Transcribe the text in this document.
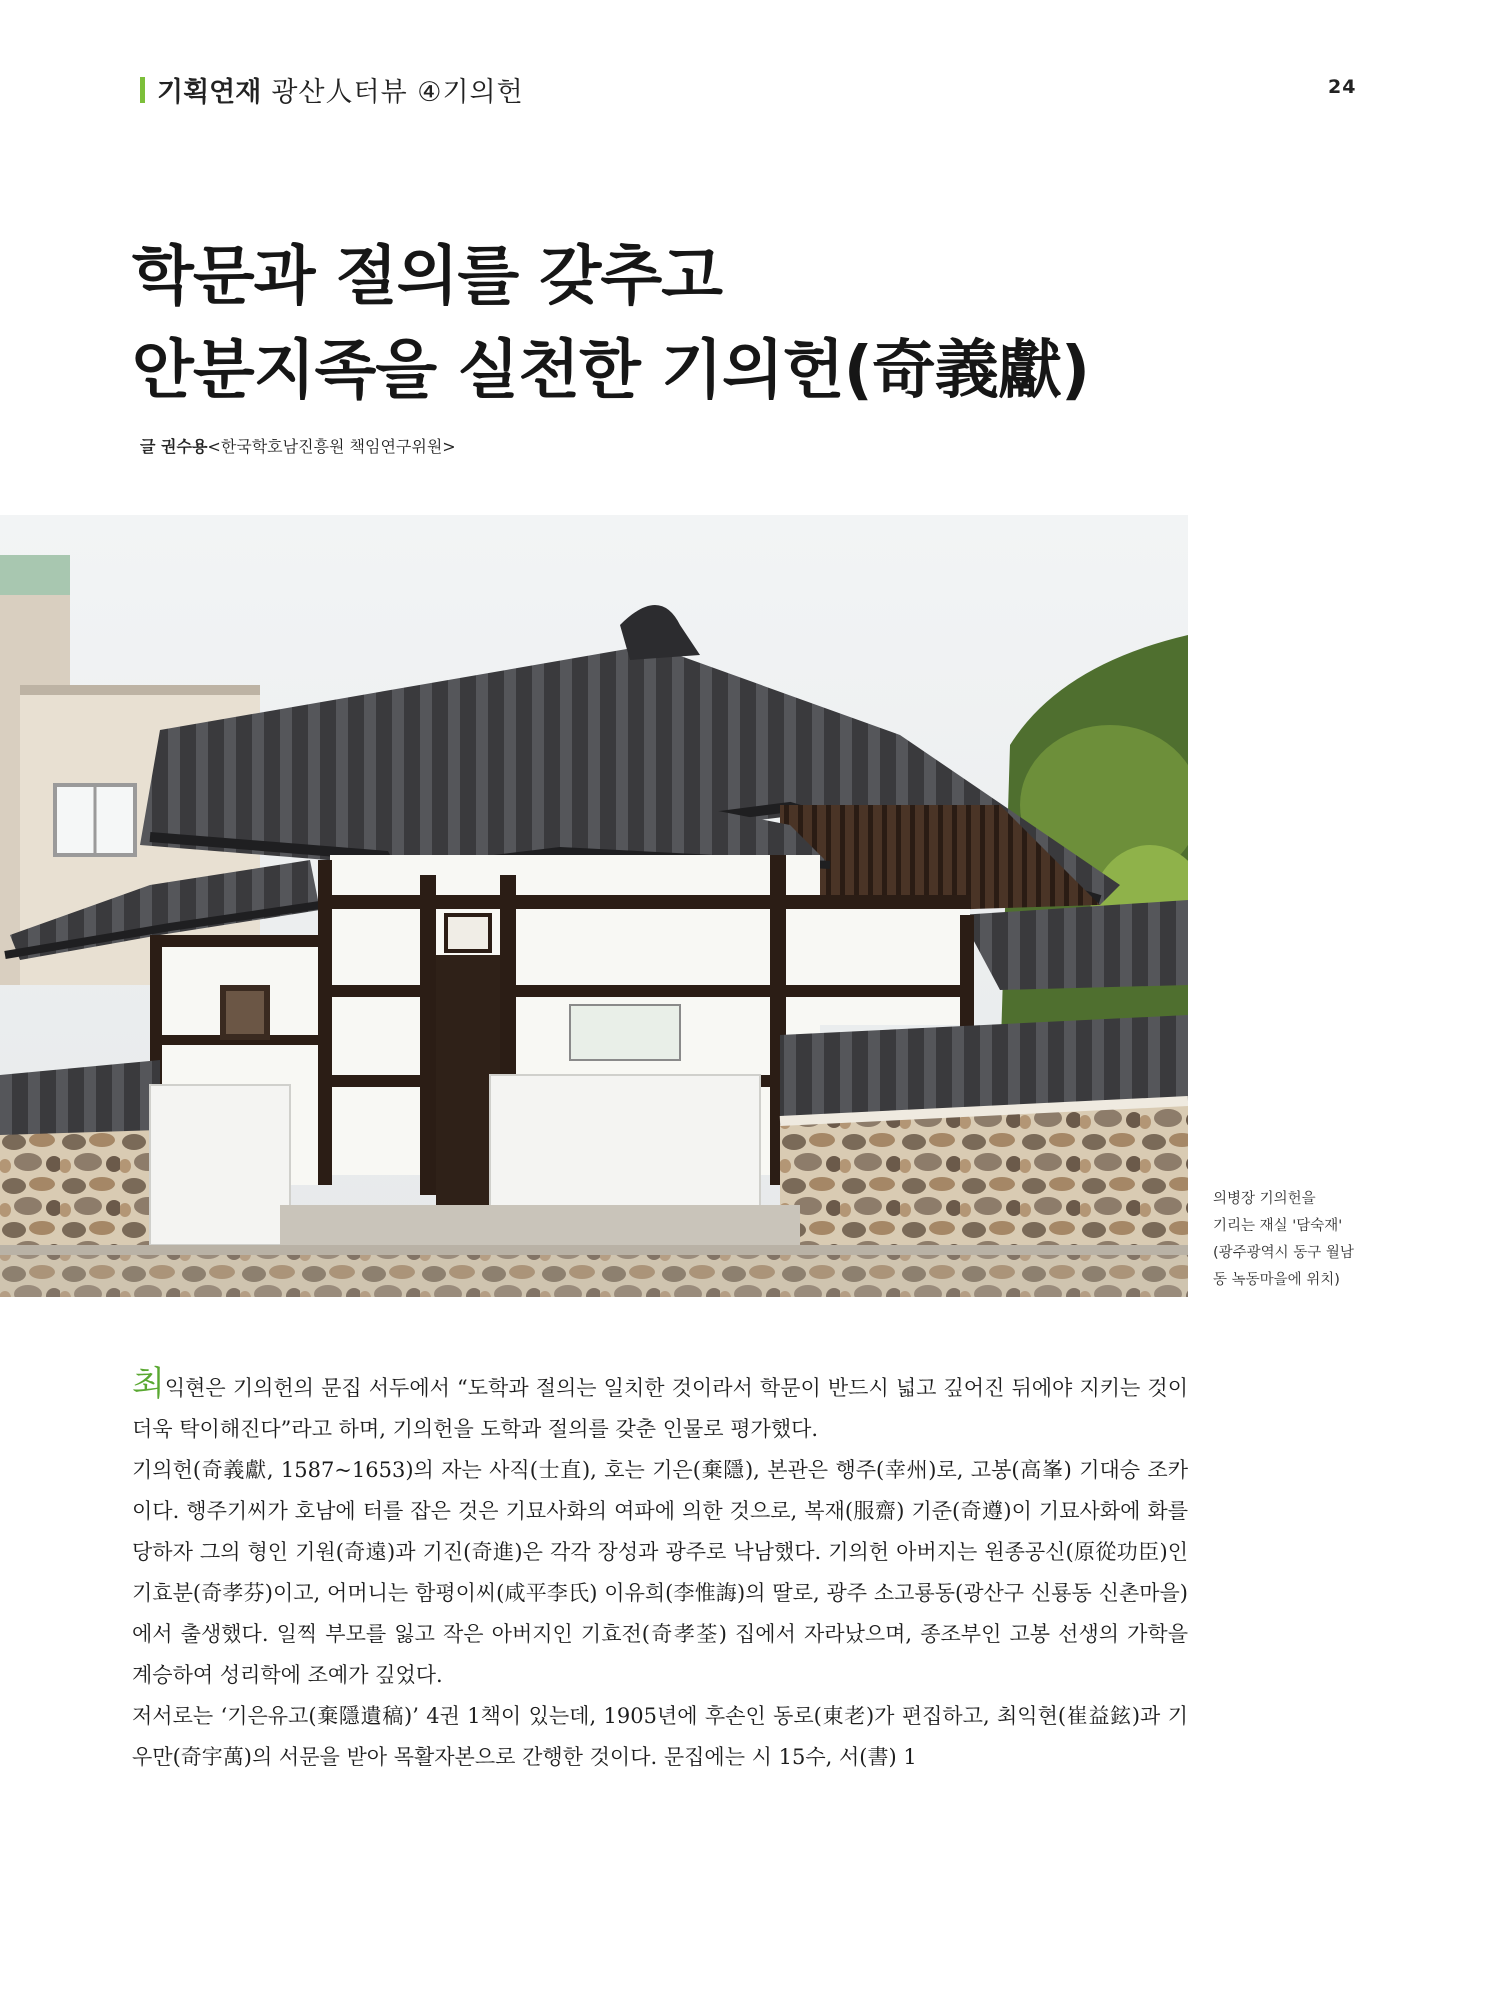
기획연재 광산人터뷰 ④기의헌	24
학문과 절의를 갖추고
안분지족을 실천한 기의헌(奇義獻)
글 권수용<한국학호남진흥원 책임연구위원>
의병장 기의헌을
기리는 재실 '담숙재'
(광주광역시 동구 월남
동 녹동마을에 위치)

최익현은 기의헌의 문집 서두에서 “도학과 절의는 일치한 것이라서 학문이 반드시 넓고 깊어진 뒤에야 지키는 것이 더욱 탁이해진다”라고 하며, 기의헌을 도학과 절의를 갖춘 인물로 평가했다.

기의헌(奇義獻, 1587~1653)의 자는 사직(士直), 호는 기은(棄隱), 본관은 행주(幸州)로, 고봉(高峯) 기대승 조카이다. 행주기씨가 호남에 터를 잡은 것은 기묘사화의 여파에 의한 것으로, 복재(服齋) 기준(奇遵)이 기묘사화에 화를 당하자 그의 형인 기원(奇遠)과 기진(奇進)은 각각 장성과 광주로 낙남했다. 기의헌 아버지는 원종공신(原從功臣)인 기효분(奇孝芬)이고, 어머니는 함평이씨(咸平李氏) 이유희(李惟誨)의 딸로, 광주 소고룡동(광산구 신룡동 신촌마을)에서 출생했다. 일찍 부모를 잃고 작은 아버지인 기효전(奇孝荃) 집에서 자라났으며, 종조부인 고봉 선생의 가학을 계승하여 성리학에 조예가 깊었다.

저서로는 ‘기은유고(棄隱遺稿)’ 4권 1책이 있는데, 1905년에 후손인 동로(東老)가 편집하고, 최익현(崔益鉉)과 기우만(奇宇萬)의 서문을 받아 목활자본으로 간행한 것이다. 문집에는 시 15수, 서(書) 1
